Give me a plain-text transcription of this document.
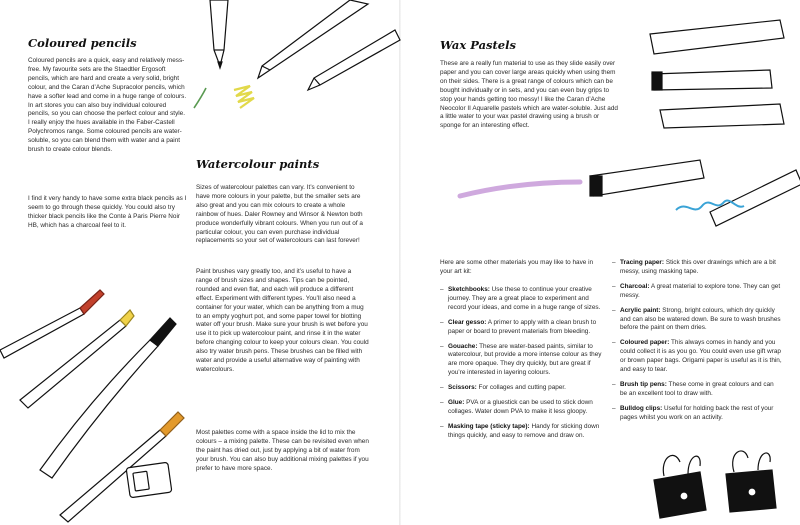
Coloured pencils

Coloured pencils are a quick, easy and relatively mess-free. My favourite sets are the Staedtler Ergosoft pencils, which are hard and create a very solid, bright colour, and the Caran d’Ache Supracolor pencils, which have a softer lead and come in a huge range of colours. In art stores you can also buy individual coloured pencils, so you can choose the perfect colour and style. I really enjoy the hues available in the Faber-Castell Polychromos range. Some coloured pencils are water-soluble, so you can blend them with water and a paint brush to create colour blends.

I find it very handy to have some extra black pencils as I seem to go through these quickly. You could also try thicker black pencils like the Conte à Paris Pierre Noir HB, which has a charcoal feel to it.

Watercolour paints

Sizes of watercolour palettes can vary. It’s convenient to have more colours in your palette, but the smaller sets are also great and you can mix colours to create a whole rainbow of hues. Daler Rowney and Winsor & Newton both produce wonderfully vibrant colours. When you run out of a particular colour, you can even purchase individual replacements so your set of watercolours can last forever!

Paint brushes vary greatly too, and it’s useful to have a range of brush sizes and shapes. Tips can be pointed, rounded and even flat, and each will produce a different effect. Experiment with different types. You’ll also need a container for your water, which can be anything from a mug to an empty yoghurt pot, and some paper towel for blotting water off your brush. Make sure your brush is wet before you use it to pick up watercolour paint, and rinse it in the water before changing colour to keep your colours clean. You could also try water brush pens. These brushes can be filled with water and provide a useful alternative way of painting with watercolours.

Most palettes come with a space inside the lid to mix the colours – a mixing palette. These can be revisited even when the paint has dried out, just by applying a bit of water from your brush. You can also buy additional mixing palettes if you prefer to have more space.

Wax Pastels

These are a really fun material to use as they slide easily over paper and you can cover large areas quickly when using them on their sides. There is a great range of colours which can be bought individually or in sets, and you can even buy grips to stop your hands getting too messy! I like the Caran d’Ache Neocolor II Aquarelle pastels which are water-soluble. Just add a little water to your wax pastel drawing using a brush or sponge for an interesting effect.

Here are some other materials you may like to have in your art kit:

– Sketchbooks: Use these to continue your creative journey. They are a great place to experiment and record your ideas, and come in a huge range of sizes.
– Clear gesso: A primer to apply with a clean brush to paper or board to prevent materials from bleeding.
– Gouache: These are water-based paints, similar to watercolour, but provide a more intense colour as they are more opaque. They dry quickly, but are great if you’re interested in layering colours.
– Scissors: For collages and cutting paper.
– Glue: PVA or a gluestick can be used to stick down collages. Water down PVA to make it less gloopy.
– Masking tape (sticky tape): Handy for sticking down things quickly, and easy to remove and draw on.
– Tracing paper: Stick this over drawings which are a bit messy, using masking tape.
– Charcoal: A great material to explore tone. They can get messy.
– Acrylic paint: Strong, bright colours, which dry quickly and can also be watered down. Be sure to wash brushes before the paint on them dries.
– Coloured paper: This always comes in handy and you could collect it is as you go. You could even use gift wrap or brown paper bags. Origami paper is useful as it is thin, and easy to tear.
– Brush tip pens: These come in great colours and can be an excellent tool to draw with.
– Bulldog clips: Useful for holding back the rest of your pages whilst you work on an activity.
